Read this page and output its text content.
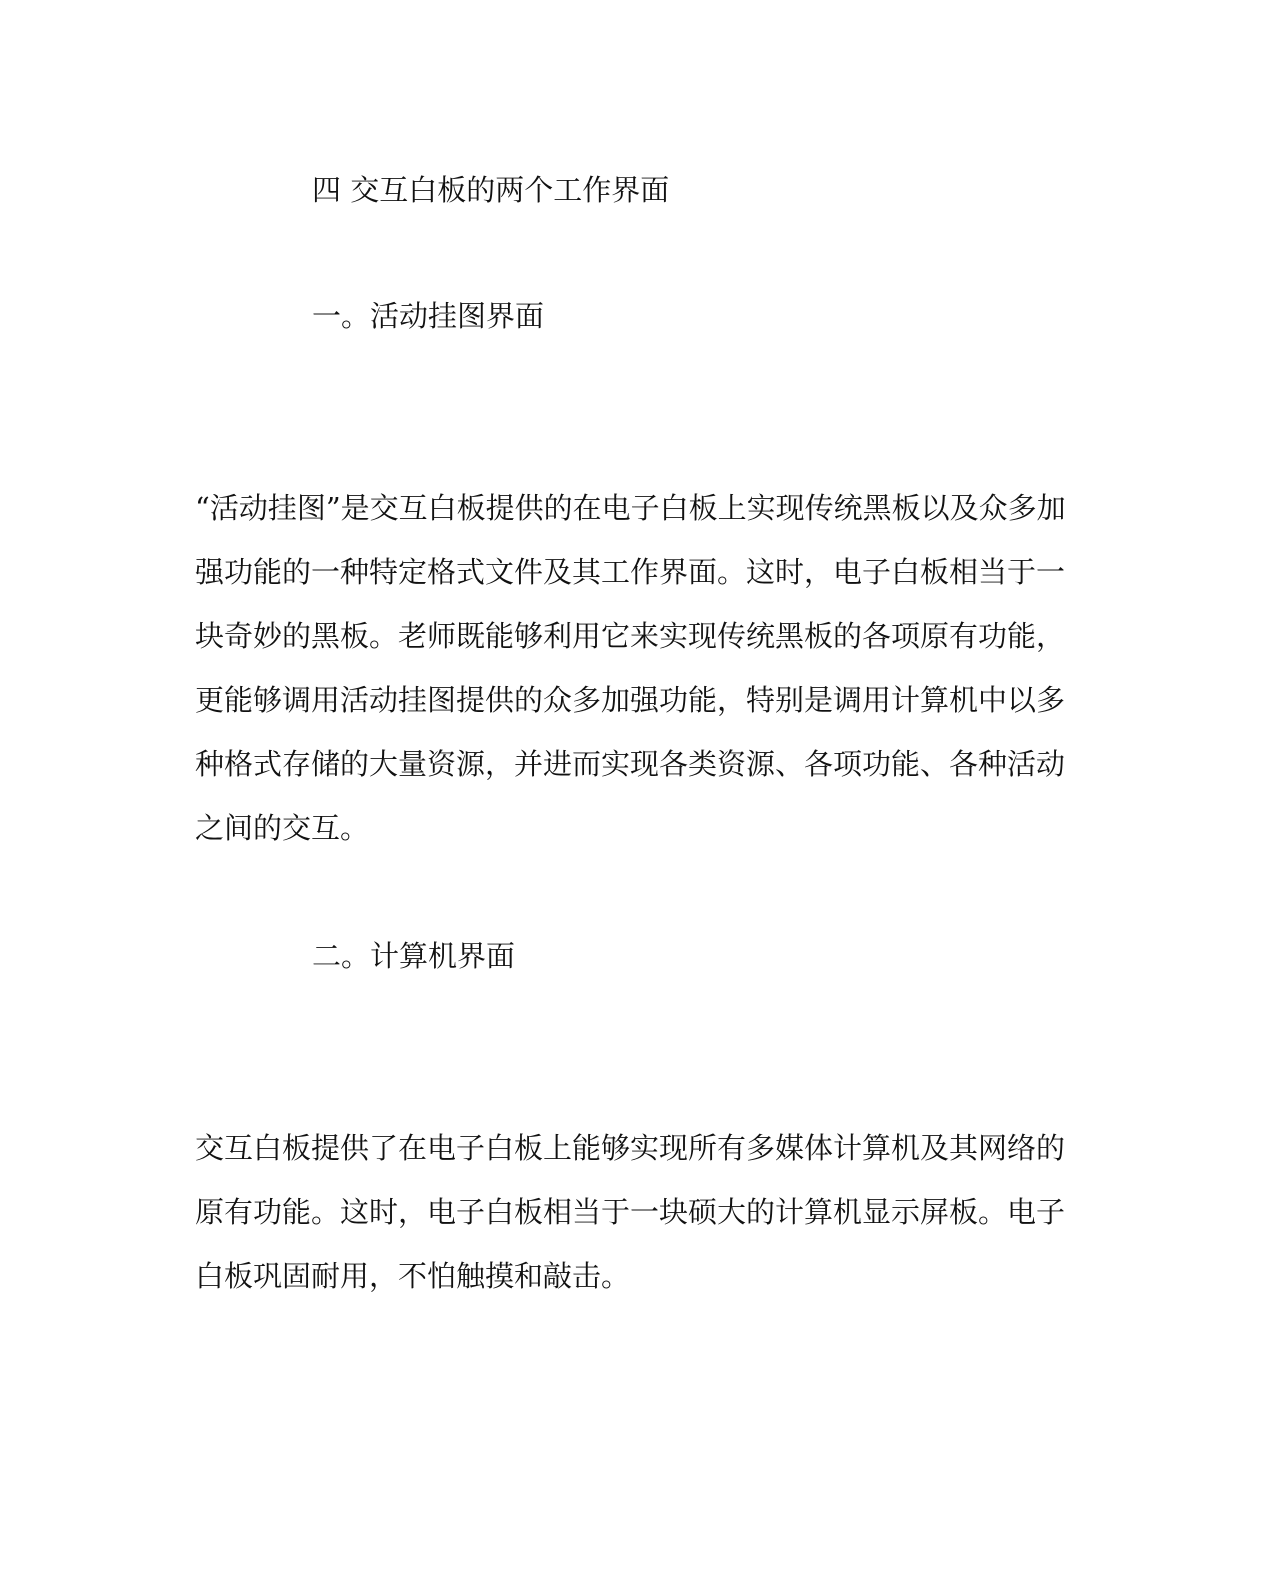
四 交互白板的两个工作界面
一。活动挂图界面
“活动挂图”是交互白板提供的在电子白板上实现传统黑板以及众多加
强功能的一种特定格式文件及其工作界面。这时，电子白板相当于一
块奇妙的黑板。老师既能够利用它来实现传统黑板的各项原有功能，
更能够调用活动挂图提供的众多加强功能，特别是调用计算机中以多
种格式存储的大量资源，并进而实现各类资源、各项功能、各种活动
之间的交互。
二。计算机界面
交互白板提供了在电子白板上能够实现所有多媒体计算机及其网络的
原有功能。这时，电子白板相当于一块硕大的计算机显示屏板。电子
白板巩固耐用，不怕触摸和敲击。
